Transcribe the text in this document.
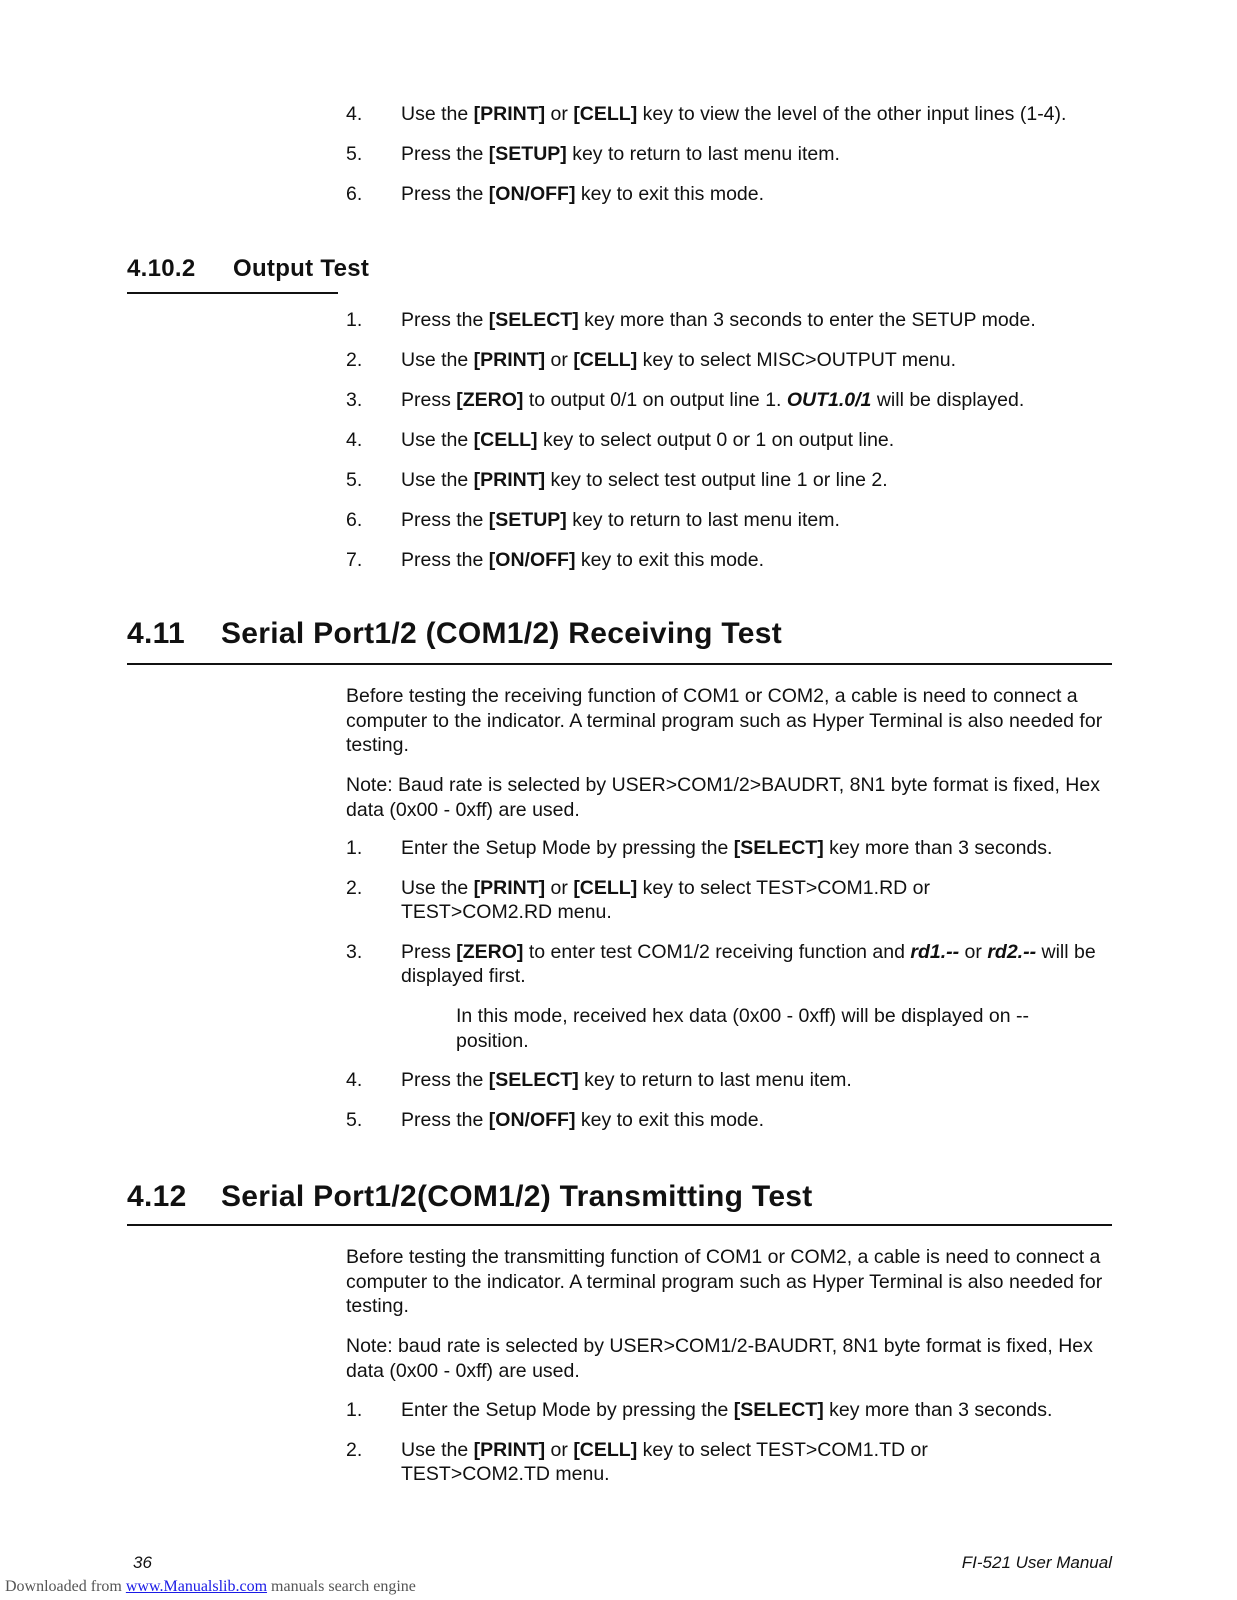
4. Use the [PRINT] or [CELL] key to view the level of the other input lines (1-4).
5. Press the [SETUP] key to return to last menu item.
6. Press the [ON/OFF] key to exit this mode.
4.10.2 Output Test
1. Press the [SELECT] key more than 3 seconds to enter the SETUP mode.
2. Use the [PRINT] or [CELL] key to select MISC>OUTPUT menu.
3. Press [ZERO] to output 0/1 on output line 1. OUT1.0/1 will be displayed.
4. Use the [CELL] key to select output 0 or 1 on output line.
5. Use the [PRINT] key to select test output line 1 or line 2.
6. Press the [SETUP] key to return to last menu item.
7. Press the [ON/OFF] key to exit this mode.
4.11 Serial Port1/2 (COM1/2) Receiving Test
Before testing the receiving function of COM1 or COM2, a cable is need to connect a computer to the indicator. A terminal program such as Hyper Terminal is also needed for testing.
Note: Baud rate is selected by USER>COM1/2>BAUDRT, 8N1 byte format is fixed, Hex data (0x00 - 0xff) are used.
1. Enter the Setup Mode by pressing the [SELECT] key more than 3 seconds.
2. Use the [PRINT] or [CELL] key to select TEST>COM1.RD or TEST>COM2.RD menu.
3. Press [ZERO] to enter test COM1/2 receiving function and rd1.-- or rd2.-- will be displayed first.
In this mode, received hex data (0x00 - 0xff) will be displayed on -- position.
4. Press the [SELECT] key to return to last menu item.
5. Press the [ON/OFF] key to exit this mode.
4.12 Serial Port1/2(COM1/2) Transmitting Test
Before testing the transmitting function of COM1 or COM2, a cable is need to connect a computer to the indicator. A terminal program such as Hyper Terminal is also needed for testing.
Note: baud rate is selected by USER>COM1/2-BAUDRT, 8N1 byte format is fixed, Hex data (0x00 - 0xff) are used.
1. Enter the Setup Mode by pressing the [SELECT] key more than 3 seconds.
2. Use the [PRINT] or [CELL] key to select TEST>COM1.TD or TEST>COM2.TD menu.
36	FI-521 User Manual
Downloaded from www.Manualslib.com manuals search engine
